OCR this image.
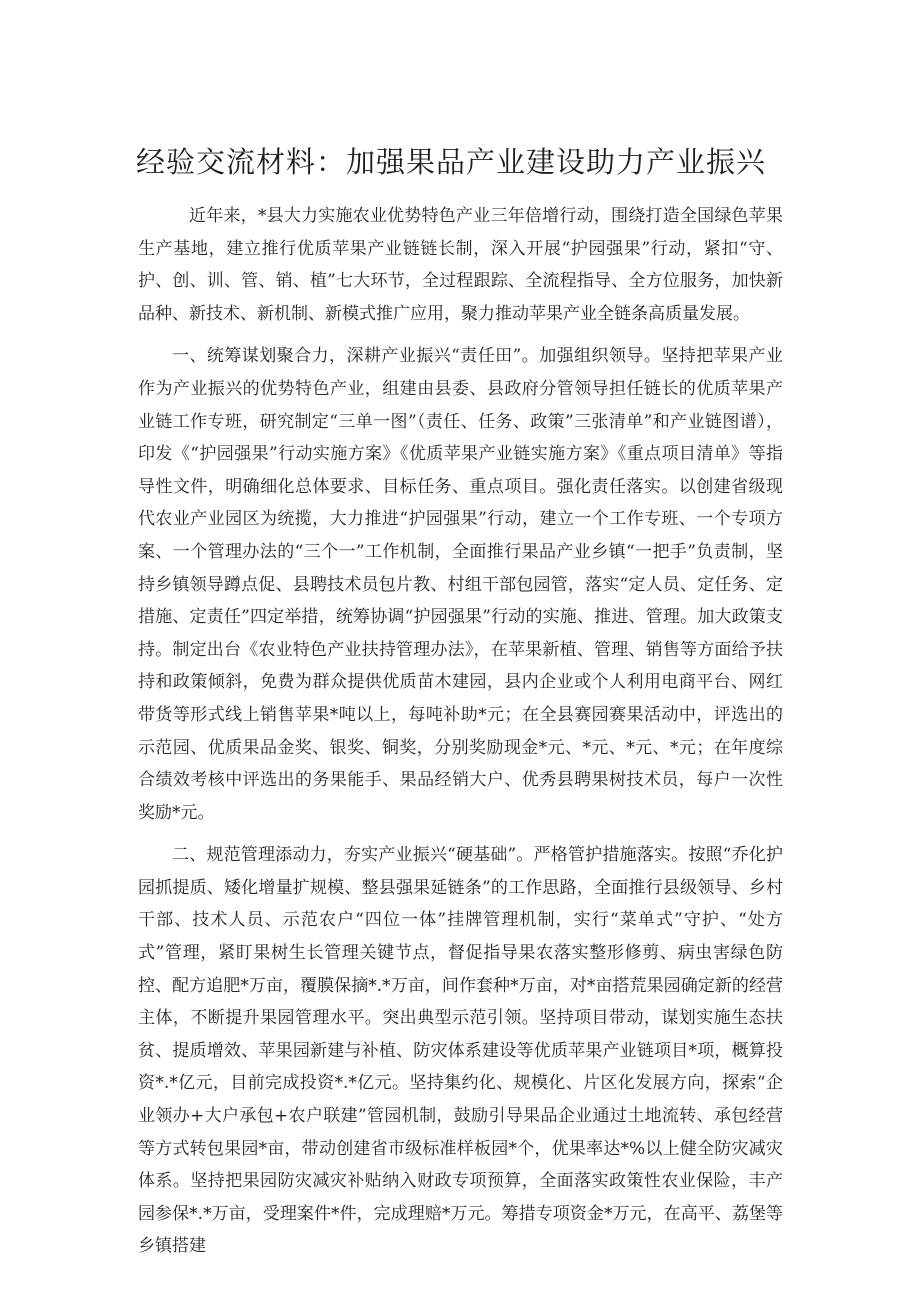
经验交流材料：加强果品产业建设助力产业振兴

近年来，*县大力实施农业优势特色产业三年倍增行动，围绕打造全国绿色苹果生产基地，建立推行优质苹果产业链链长制，深入开展“护园强果”行动，紧扣“守、护、创、训、管、销、植”七大环节，全过程跟踪、全流程指导、全方位服务，加快新品种、新技术、新机制、新模式推广应用，聚力推动苹果产业全链条高质量发展。

一、统筹谋划聚合力，深耕产业振兴“责任田”。加强组织领导。坚持把苹果产业作为产业振兴的优势特色产业，组建由县委、县政府分管领导担任链长的优质苹果产业链工作专班，研究制定“三单一图”（责任、任务、政策”三张清单”和产业链图谱），印发《“护园强果”行动实施方案》《优质苹果产业链实施方案》《重点项目清单》等指导性文件，明确细化总体要求、目标任务、重点项目。强化责任落实。以创建省级现代农业产业园区为统揽，大力推进“护园强果”行动，建立一个工作专班、一个专项方案、一个管理办法的“三个一”工作机制，全面推行果品产业乡镇“一把手”负责制，坚持乡镇领导蹲点促、县聘技术员包片教、村组干部包园管，落实“定人员、定任务、定措施、定责任”四定举措，统筹协调“护园强果”行动的实施、推进、管理。加大政策支持。制定出台《农业特色产业扶持管理办法》，在苹果新植、管理、销售等方面给予扶持和政策倾斜，免费为群众提供优质苗木建园，县内企业或个人利用电商平台、网红带货等形式线上销售苹果*吨以上，每吨补助*元；在全县赛园赛果活动中，评选出的示范园、优质果品金奖、银奖、铜奖，分别奖励现金*元、*元、*元、*元；在年度综合绩效考核中评选出的务果能手、果品经销大户、优秀县聘果树技术员，每户一次性奖励*元。

二、规范管理添动力，夯实产业振兴“硬基础”。严格管护措施落实。按照“乔化护园抓提质、矮化增量扩规模、整县强果延链条”的工作思路，全面推行县级领导、乡村干部、技术人员、示范农户“四位一体”挂牌管理机制，实行“菜单式”守护、“处方式”管理，紧盯果树生长管理关键节点，督促指导果农落实整形修剪、病虫害绿色防控、配方追肥*万亩，覆膜保摘*.*万亩，间作套种*万亩，对*亩搭荒果园确定新的经营主体，不断提升果园管理水平。突出典型示范引领。坚持项目带动，谋划实施生态扶贫、提质增效、苹果园新建与补植、防灾体系建设等优质苹果产业链项目*项，概算投资*.*亿元，目前完成投资*.*亿元。坚持集约化、规模化、片区化发展方向，探索“企业领办+大户承包+农户联建”管园机制，鼓励引导果品企业通过土地流转、承包经营等方式转包果园*亩，带动创建省市级标准样板园*个，优果率达*%以上健全防灾减灾体系。坚持把果园防灾减灾补贴纳入财政专项预算，全面落实政策性农业保险，丰产园参保*.*万亩，受理案件*件，完成理赔*万元。筹措专项资金*万元，在高平、荔堡等乡镇搭建
